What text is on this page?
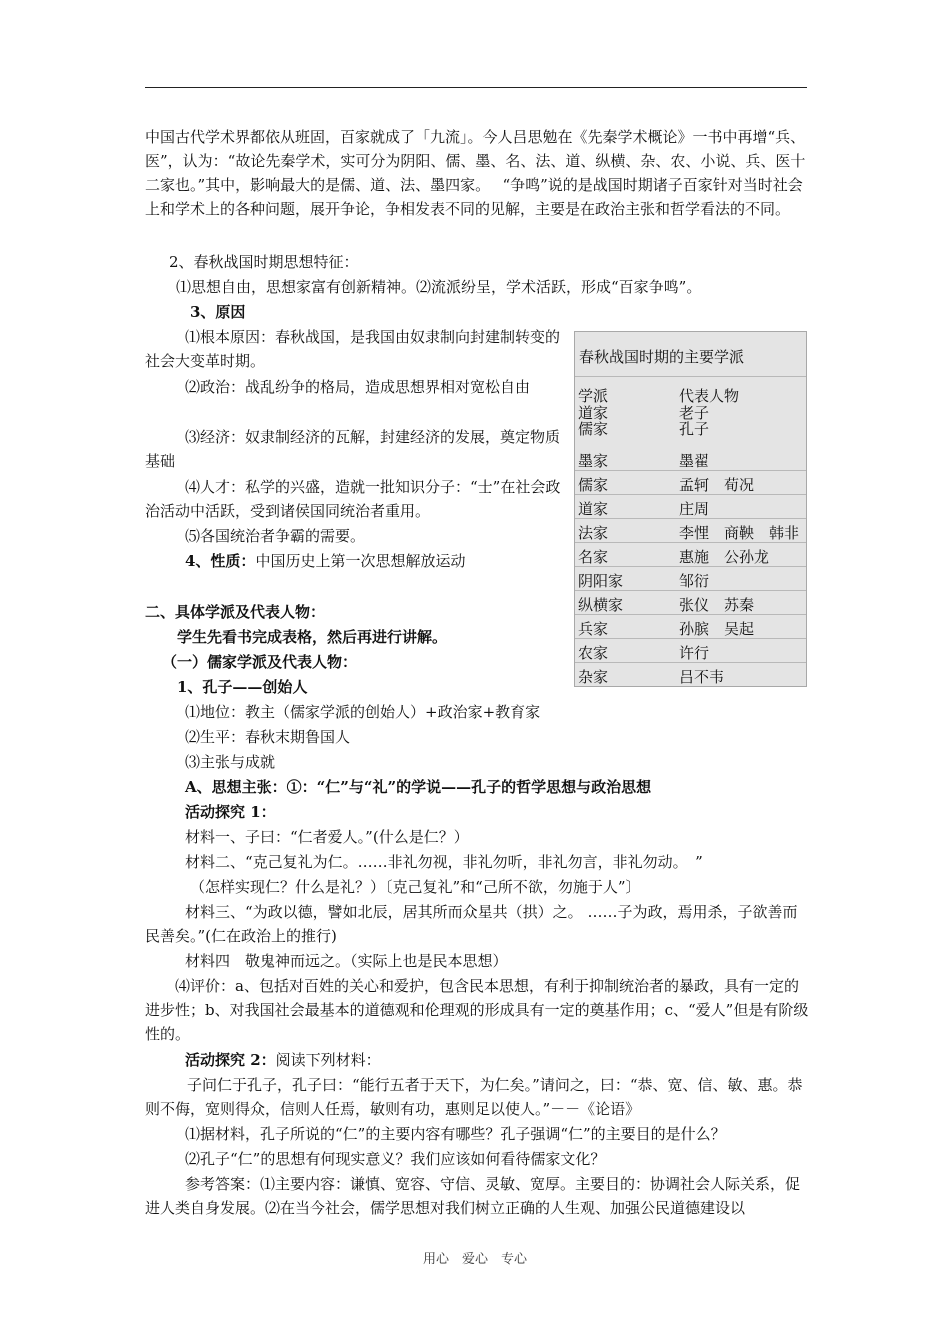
中国古代学术界都依从班固，百家就成了「九流」。今人吕思勉在《先秦学术概论》一书中再增“兵、医”，认为：“故论先秦学术，实可分为阴阳、儒、墨、名、法、道、纵横、杂、农、小说、兵、医十二家也。”其中，影响最大的是儒、道、法、墨四家。　 “争鸣”说的是战国时期诸子百家针对当时社会上和学术上的各种问题，展开争论，争相发表不同的见解，主要是在政治主张和哲学看法的不同。

2、春秋战国时期思想特征：

⑴思想自由，思想家富有创新精神。⑵流派纷呈，学术活跃，形成“百家争鸣”。

3、原因

⑴根本原因：春秋战国，是我国由奴隶制向封建制转变的社会大变革时期。

⑵政治：战乱纷争的格局，造成思想界相对宽松自由

⑶经济：奴隶制经济的瓦解，封建经济的发展，奠定物质基础

⑷人才：私学的兴盛，造就一批知识分子：“士”在社会政治活动中活跃，受到诸侯国同统治者重用。

⑸各国统治者争霸的需要。

4、性质：中国历史上第一次思想解放运动

春秋战国时期的主要学派
学派	代表人物
道家	老子
儒家	孔子
墨家	墨翟
儒家	孟轲　荀况
道家	庄周
法家	李悝　商鞅　韩非
名家	惠施　公孙龙
阴阳家	邹衍
纵横家	张仪　苏秦
兵家	孙膑　吴起
农家	许行
杂家	吕不韦

二、具体学派及代表人物：

学生先看书完成表格，然后再进行讲解。

（一）儒家学派及代表人物：

1、孔子——创始人

⑴地位：教主（儒家学派的创始人）+政治家+教育家

⑵生平：春秋末期鲁国人

⑶主张与成就

A、思想主张：①：“仁”与“礼”的学说——孔子的哲学思想与政治思想

活动探究 1：

材料一、子曰：“仁者爱人。”(什么是仁？）

材料二、“克己复礼为仁。……非礼勿视，非礼勿听，非礼勿言，非礼勿动。　”

（怎样实现仁？什么是礼？）〔克己复礼”和“己所不欲，勿施于人”〕

材料三、“为政以德，譬如北辰，居其所而众星共（拱）之。 ……子为政，焉用杀，子欲善而民善矣。”(仁在政治上的推行)

材料四　敬鬼神而远之。（实际上也是民本思想）

⑷评价：a、包括对百姓的关心和爱护，包含民本思想，有利于抑制统治者的暴政，具有一定的进步性；b、对我国社会最基本的道德观和伦理观的形成具有一定的奠基作用；c、“爱人”但是有阶级性的。

活动探究 2：阅读下列材料：

子问仁于孔子，孔子曰：“能行五者于天下，为仁矣。”请问之，曰：“恭、宽、信、敏、惠。恭则不侮，宽则得众，信则人任焉，敏则有功，惠则足以使人。”－－《论语》

⑴据材料，孔子所说的“仁”的主要内容有哪些？孔子强调“仁”的主要目的是什么？

⑵孔子“仁”的思想有何现实意义？我们应该如何看待儒家文化？

参考答案：⑴主要内容：谦慎、宽容、守信、灵敏、宽厚。主要目的：协调社会人际关系，促进人类自身发展。⑵在当今社会，儒学思想对我们树立正确的人生观、加强公民道德建设以

用心　爱心　专心
